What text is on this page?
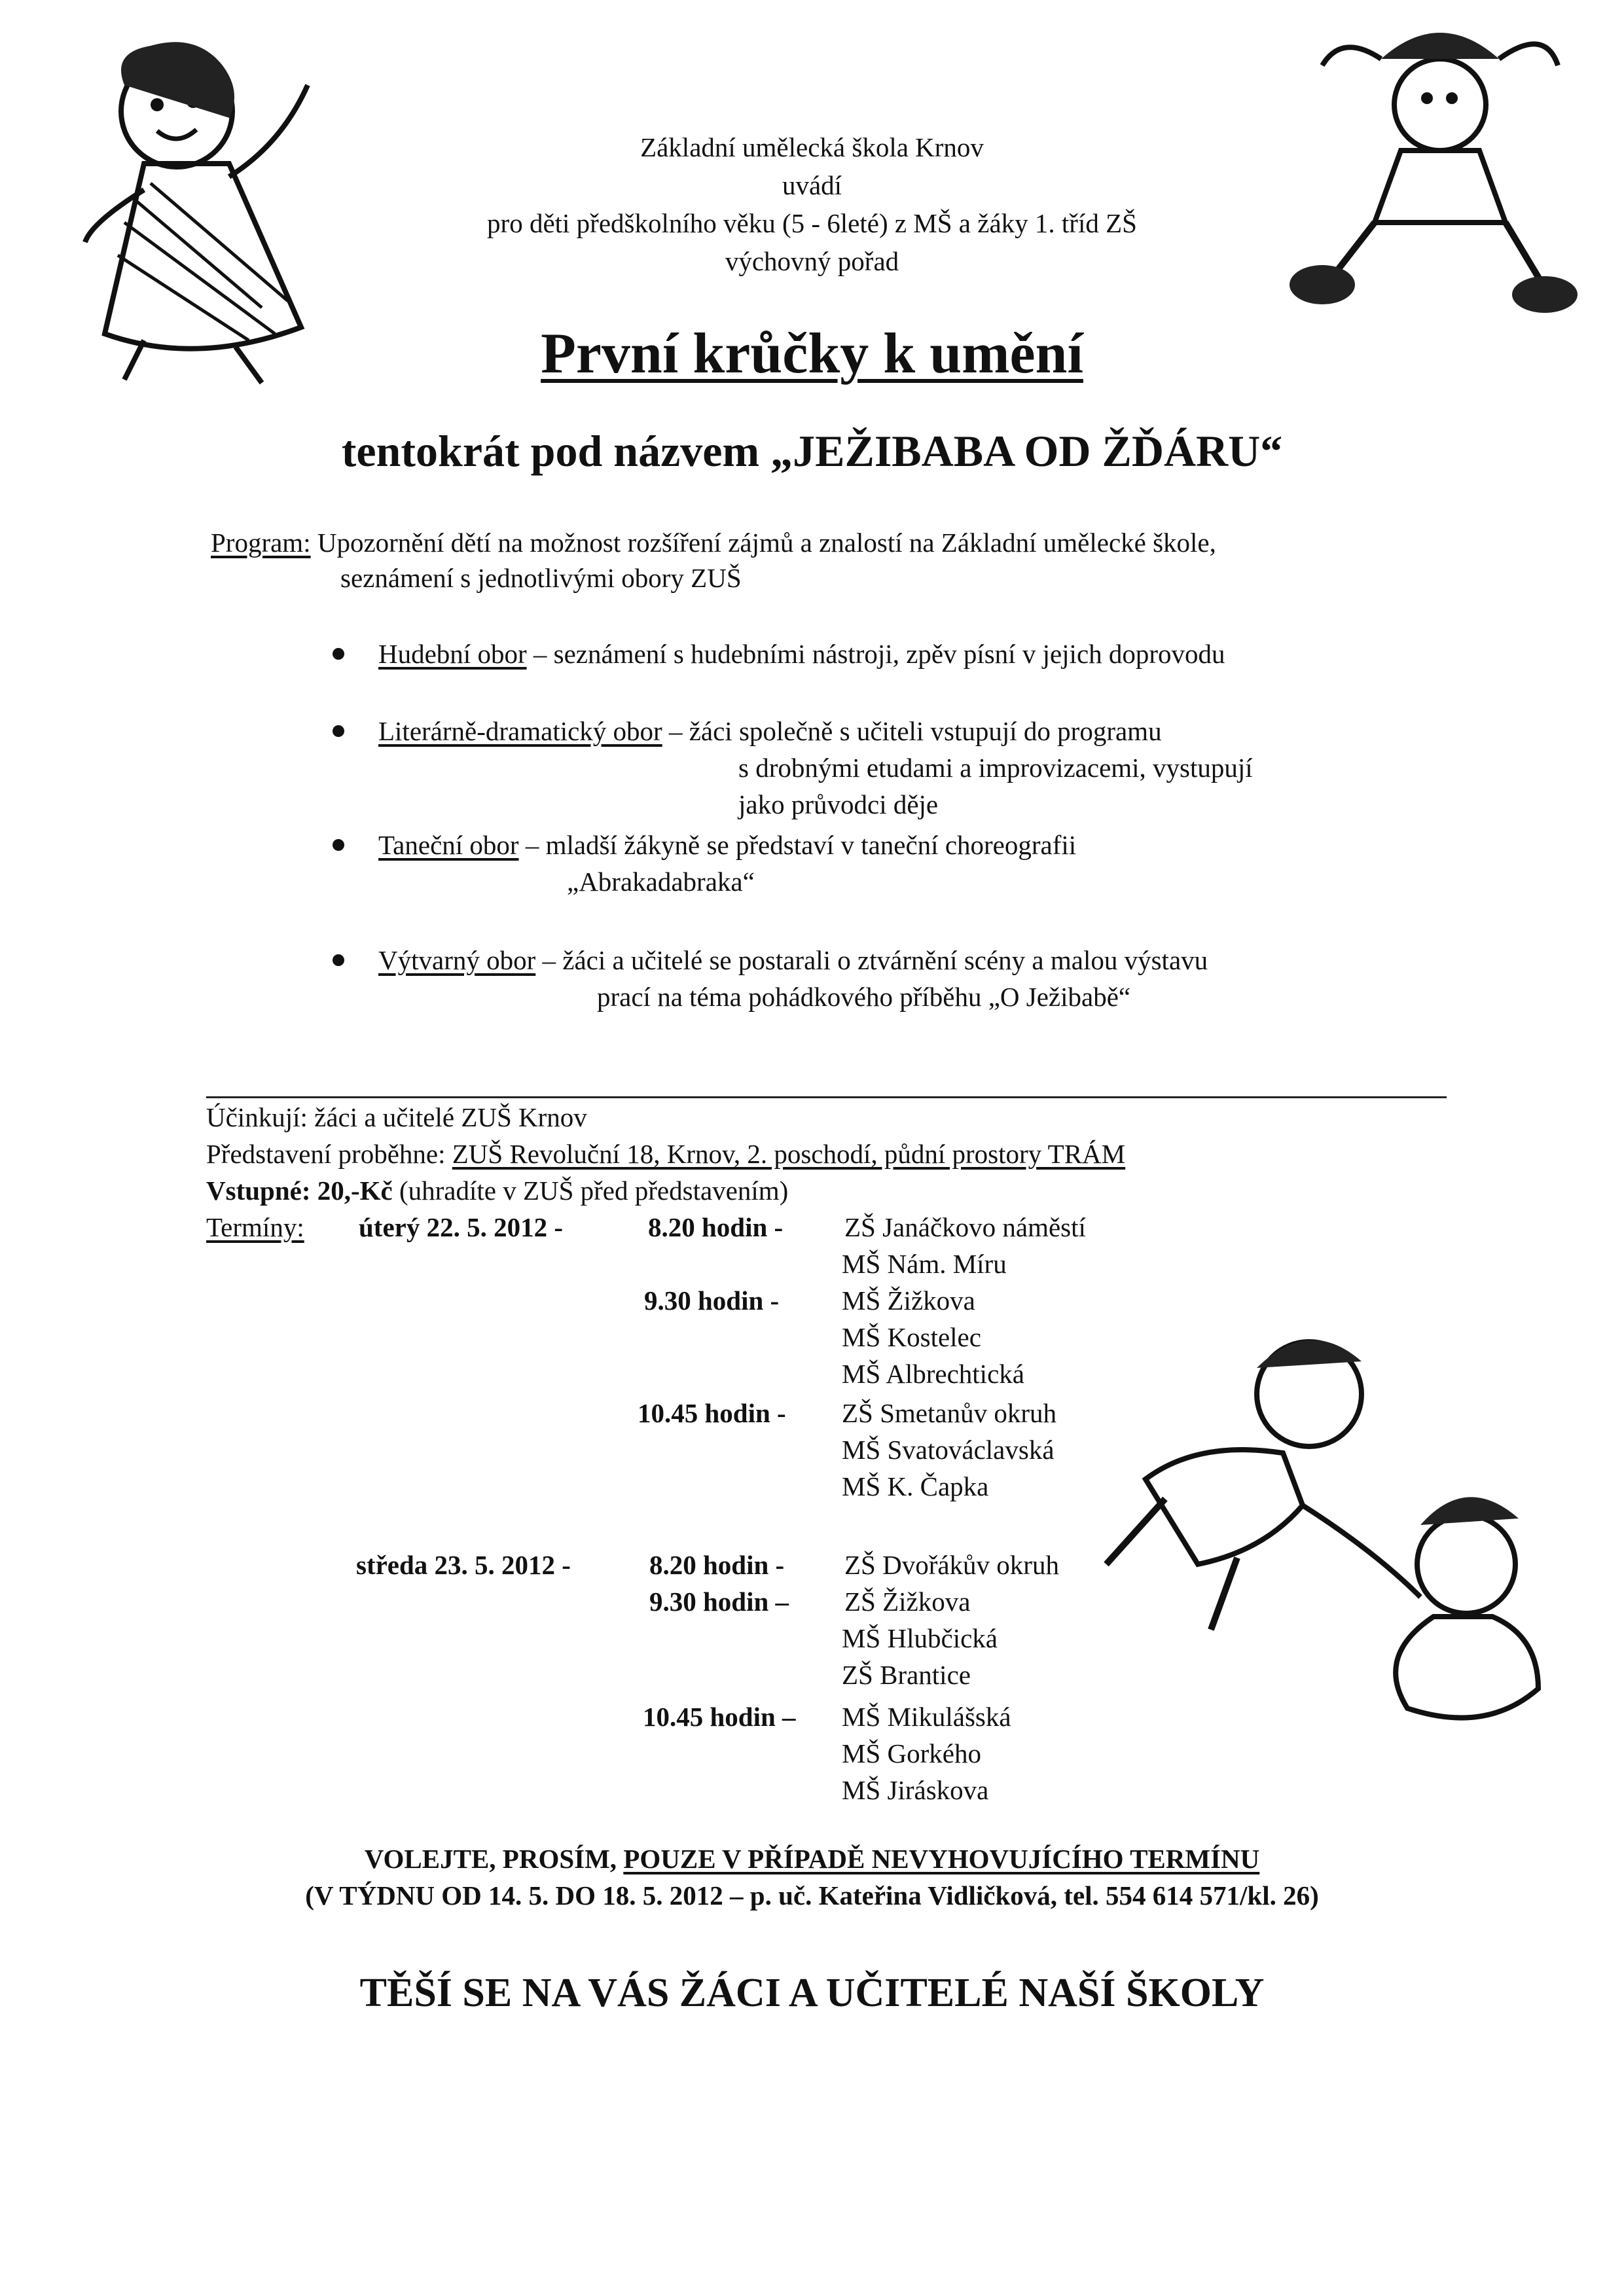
Základní umělecká škola Krnov
uvádí
pro děti předškolního věku (5 - 6leté) z MŠ a žáky 1. tříd ZŠ
výchovný pořad
První krůčky k umění
tentokrát pod názvem „JEŽIBABA OD ŽĎÁRU“
Program: Upozornění dětí na možnost rozšíření zájmů a znalostí na Základní umělecké škole,
seznámení s jednotlivými obory ZUŠ
Hudební obor – seznámení s hudebními nástroji, zpěv písní v jejich doprovodu
Literárně-dramatický obor – žáci společně s učiteli vstupují do programu
s drobnými etudami a improvizacemi, vystupují
jako průvodci děje
Taneční obor – mladší žákyně se představí v taneční choreografii
„Abrakadabraka“
Výtvarný obor – žáci a učitelé se postarali o ztvárnění scény a malou výstavu
prací na téma pohádkového příběhu „O Ježibabě“
Účinkují: žáci a učitelé ZUŠ Krnov
Představení proběhne: ZUŠ Revoluční 18, Krnov, 2. poschodí, půdní prostory TRÁM
Vstupné: 20,-Kč (uhradíte v ZUŠ před představením)
Termíny: úterý 22. 5. 2012 -	8.20 hodin - ZŠ Janáčkovo náměstí
MŠ Nám. Míru
9.30 hodin - MŠ Žižkova
MŠ Kostelec
MŠ Albrechtická
10.45 hodin - ZŠ Smetanův okruh
MŠ Svatováclavská
MŠ K. Čapka
středa 23. 5. 2012 -	8.20 hodin - ZŠ Dvořákův okruh
9.30 hodin – ZŠ Žižkova
MŠ Hlubčická
ZŠ Brantice
10.45 hodin – MŠ Mikulášská
MŠ Gorkého
MŠ Jiráskova
VOLEJTE, PROSÍM, POUZE V PŘÍPADĚ NEVYHOVUJÍCÍHO TERMÍNU
(V TÝDNU OD 14. 5. DO 18. 5. 2012 – p. uč. Kateřina Vidličková, tel. 554 614 571/kl. 26)
TĚŠÍ SE NA VÁS ŽÁCI A UČITELÉ NAŠÍ ŠKOLY
